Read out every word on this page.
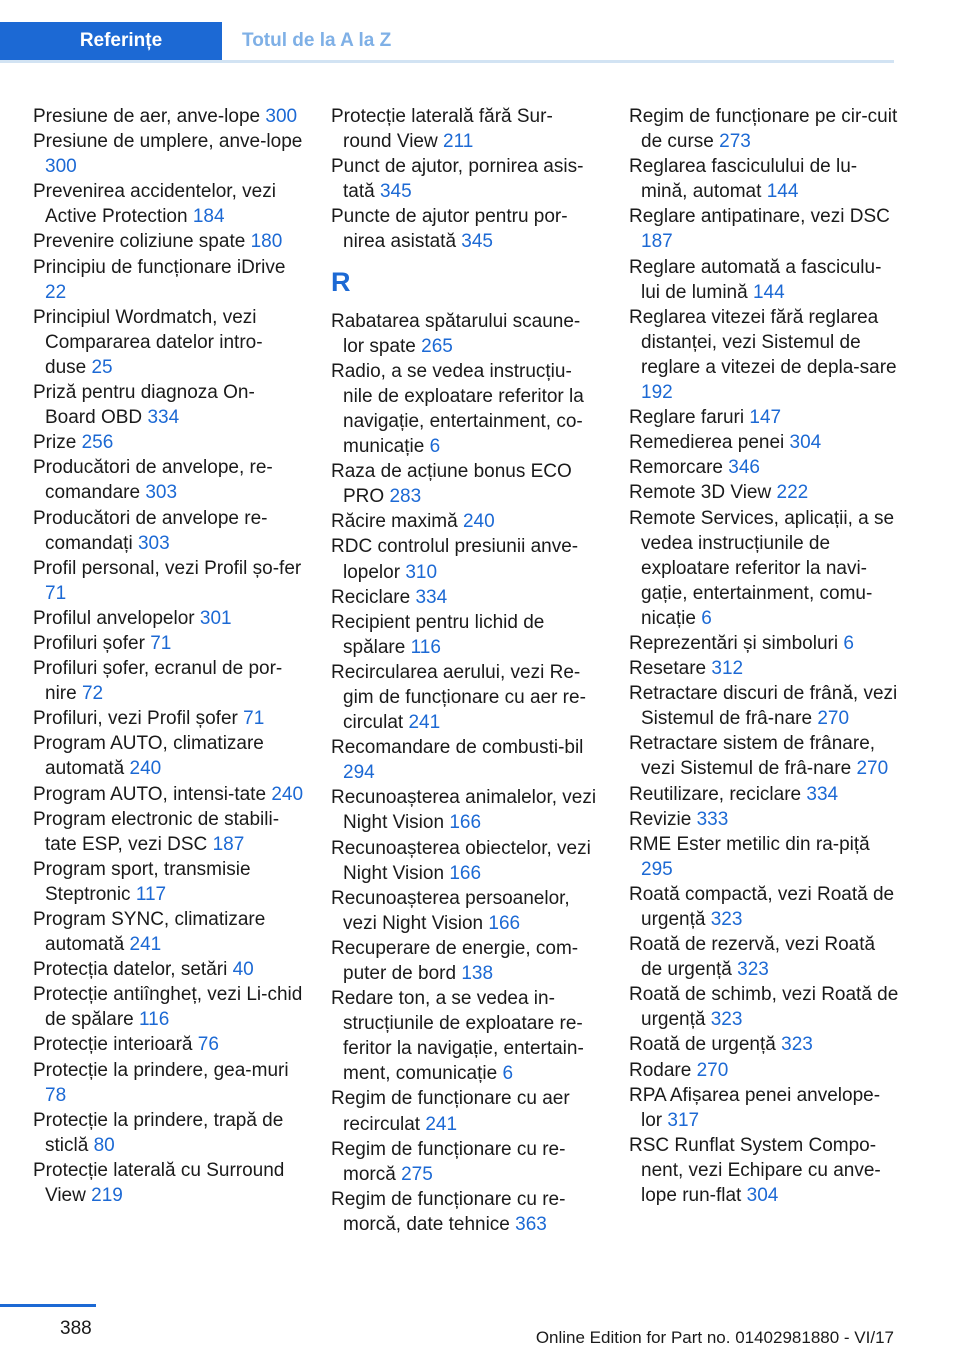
Referințe	Totul de la A la Z
Presiune de aer, anve-lope 300
Presiune de umplere, anve-lope 300
Prevenirea accidentelor, vezi Active Protection 184
Prevenire coliziune spate 180
Principiu de funcționare iDrive 22
Principiul Wordmatch, vezi Compararea datelor intro-duse 25
Priză pentru diagnoza On-Board OBD 334
Prize 256
Producători de anvelope, re-comandare 303
Producători de anvelope re-comandați 303
Profil personal, vezi Profil șo-fer 71
Profilul anvelopelor 301
Profiluri șofer 71
Profiluri șofer, ecranul de por-nire 72
Profiluri, vezi Profil șofer 71
Program AUTO, climatizare automată 240
Program AUTO, intensi-tate 240
Program electronic de stabili-tate ESP, vezi DSC 187
Program sport, transmisie Steptronic 117
Program SYNC, climatizare automată 241
Protecția datelor, setări 40
Protecție antiîngheț, vezi Li-chid de spălare 116
Protecție interioară 76
Protecție la prindere, gea-muri 78
Protecție la prindere, trapă de sticlă 80
Protecție laterală cu Surround View 219
Protecție laterală fără Sur-round View 211
Punct de ajutor, pornirea asis-tată 345
Puncte de ajutor pentru por-nirea asistată 345
R
Rabatarea spătarului scaune-lor spate 265
Radio, a se vedea instrucțiu-nile de exploatare referitor la navigație, entertainment, co-municație 6
Raza de acțiune bonus ECO PRO 283
Răcire maximă 240
RDC controlul presiunii anve-lopelor 310
Reciclare 334
Recipient pentru lichid de spălare 116
Recircularea aerului, vezi Re-gim de funcționare cu aer re-circulat 241
Recomandare de combusti-bil 294
Recunoașterea animalelor, vezi Night Vision 166
Recunoașterea obiectelor, vezi Night Vision 166
Recunoașterea persoanelor, vezi Night Vision 166
Recuperare de energie, com-puter de bord 138
Redare ton, a se vedea in-strucțiunile de exploatare re-feritor la navigație, entertain-ment, comunicație 6
Regim de funcționare cu aer recirculat 241
Regim de funcționare cu re-morcă 275
Regim de funcționare cu re-morcă, date tehnice 363
Regim de funcționare pe cir-cuit de curse 273
Reglarea fasciculului de lu-mină, automat 144
Reglare antipatinare, vezi DSC 187
Reglare automată a fasciculu-lui de lumină 144
Reglarea vitezei fără reglarea distanței, vezi Sistemul de reglare a vitezei de depla-sare 192
Reglare faruri 147
Remedierea penei 304
Remorcare 346
Remote 3D View 222
Remote Services, aplicații, a se vedea instrucțiunile de exploatare referitor la navi-gație, entertainment, comu-nicație 6
Reprezentări și simboluri 6
Resetare 312
Retractare discuri de frână, vezi Sistemul de frâ-nare 270
Retractare sistem de frânare, vezi Sistemul de frâ-nare 270
Reutilizare, reciclare 334
Revizie 333
RME Ester metilic din ra-piță 295
Roată compactă, vezi Roată de urgență 323
Roată de rezervă, vezi Roată de urgență 323
Roată de schimb, vezi Roată de urgență 323
Roată de urgență 323
Rodare 270
RPA Afișarea penei anvelope-lor 317
RSC Runflat System Compo-nent, vezi Echipare cu anve-lope run-flat 304
388	Online Edition for Part no. 01402981880 - VI/17
